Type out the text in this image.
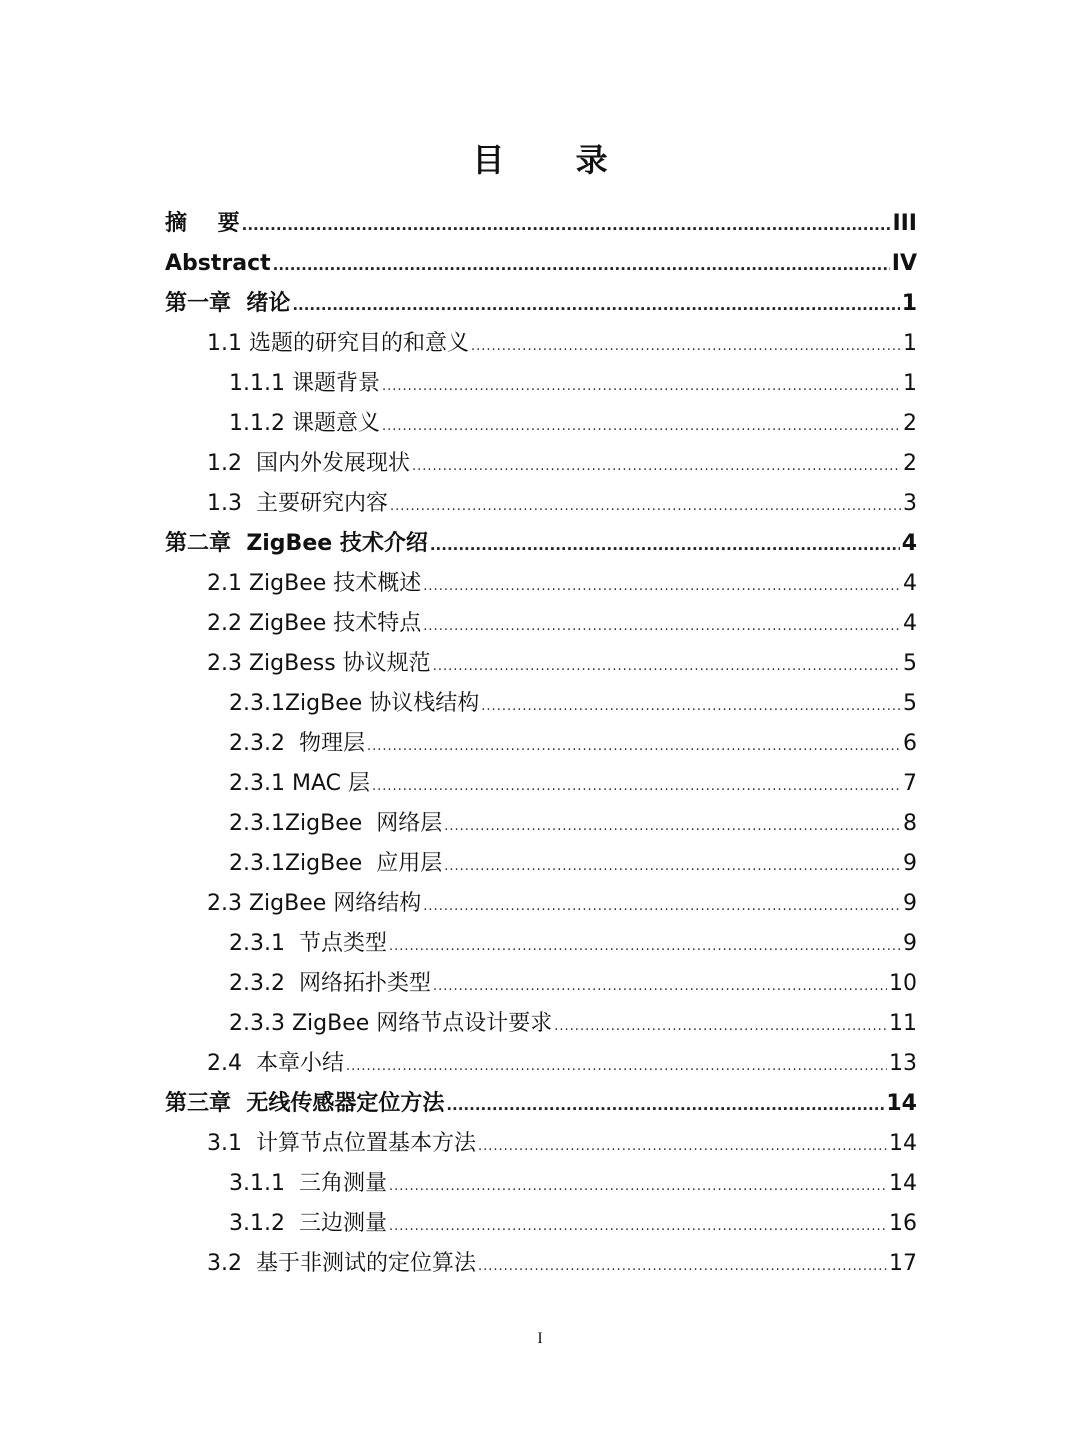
目 录
摘    要 .....	III
Abstract .....	IV
第一章  绪论 .....	1
1.1 选题的研究目的和意义 .....	1
1.1.1 课题背景 .....	1
1.1.2 课题意义 .....	2
1.2  国内外发展现状 .....	2
1.3  主要研究内容 .....	3
第二章  ZigBee 技术介绍 .....	4
2.1 ZigBee 技术概述 .....	4
2.2 ZigBee 技术特点 .....	4
2.3 ZigBess 协议规范 .....	5
2.3.1ZigBee 协议栈结构 .....	5
2.3.2  物理层 .....	6
2.3.1 MAC 层 .....	7
2.3.1ZigBee  网络层 .....	8
2.3.1ZigBee  应用层 .....	9
2.3 ZigBee 网络结构 .....	9
2.3.1  节点类型 .....	9
2.3.2  网络拓扑类型 .....	10
2.3.3 ZigBee 网络节点设计要求 .....	11
2.4  本章小结 .....	13
第三章  无线传感器定位方法 .....	14
3.1  计算节点位置基本方法 .....	14
3.1.1  三角测量 .....	14
3.1.2  三边测量 .....	16
3.2  基于非测试的定位算法 .....	17
I
